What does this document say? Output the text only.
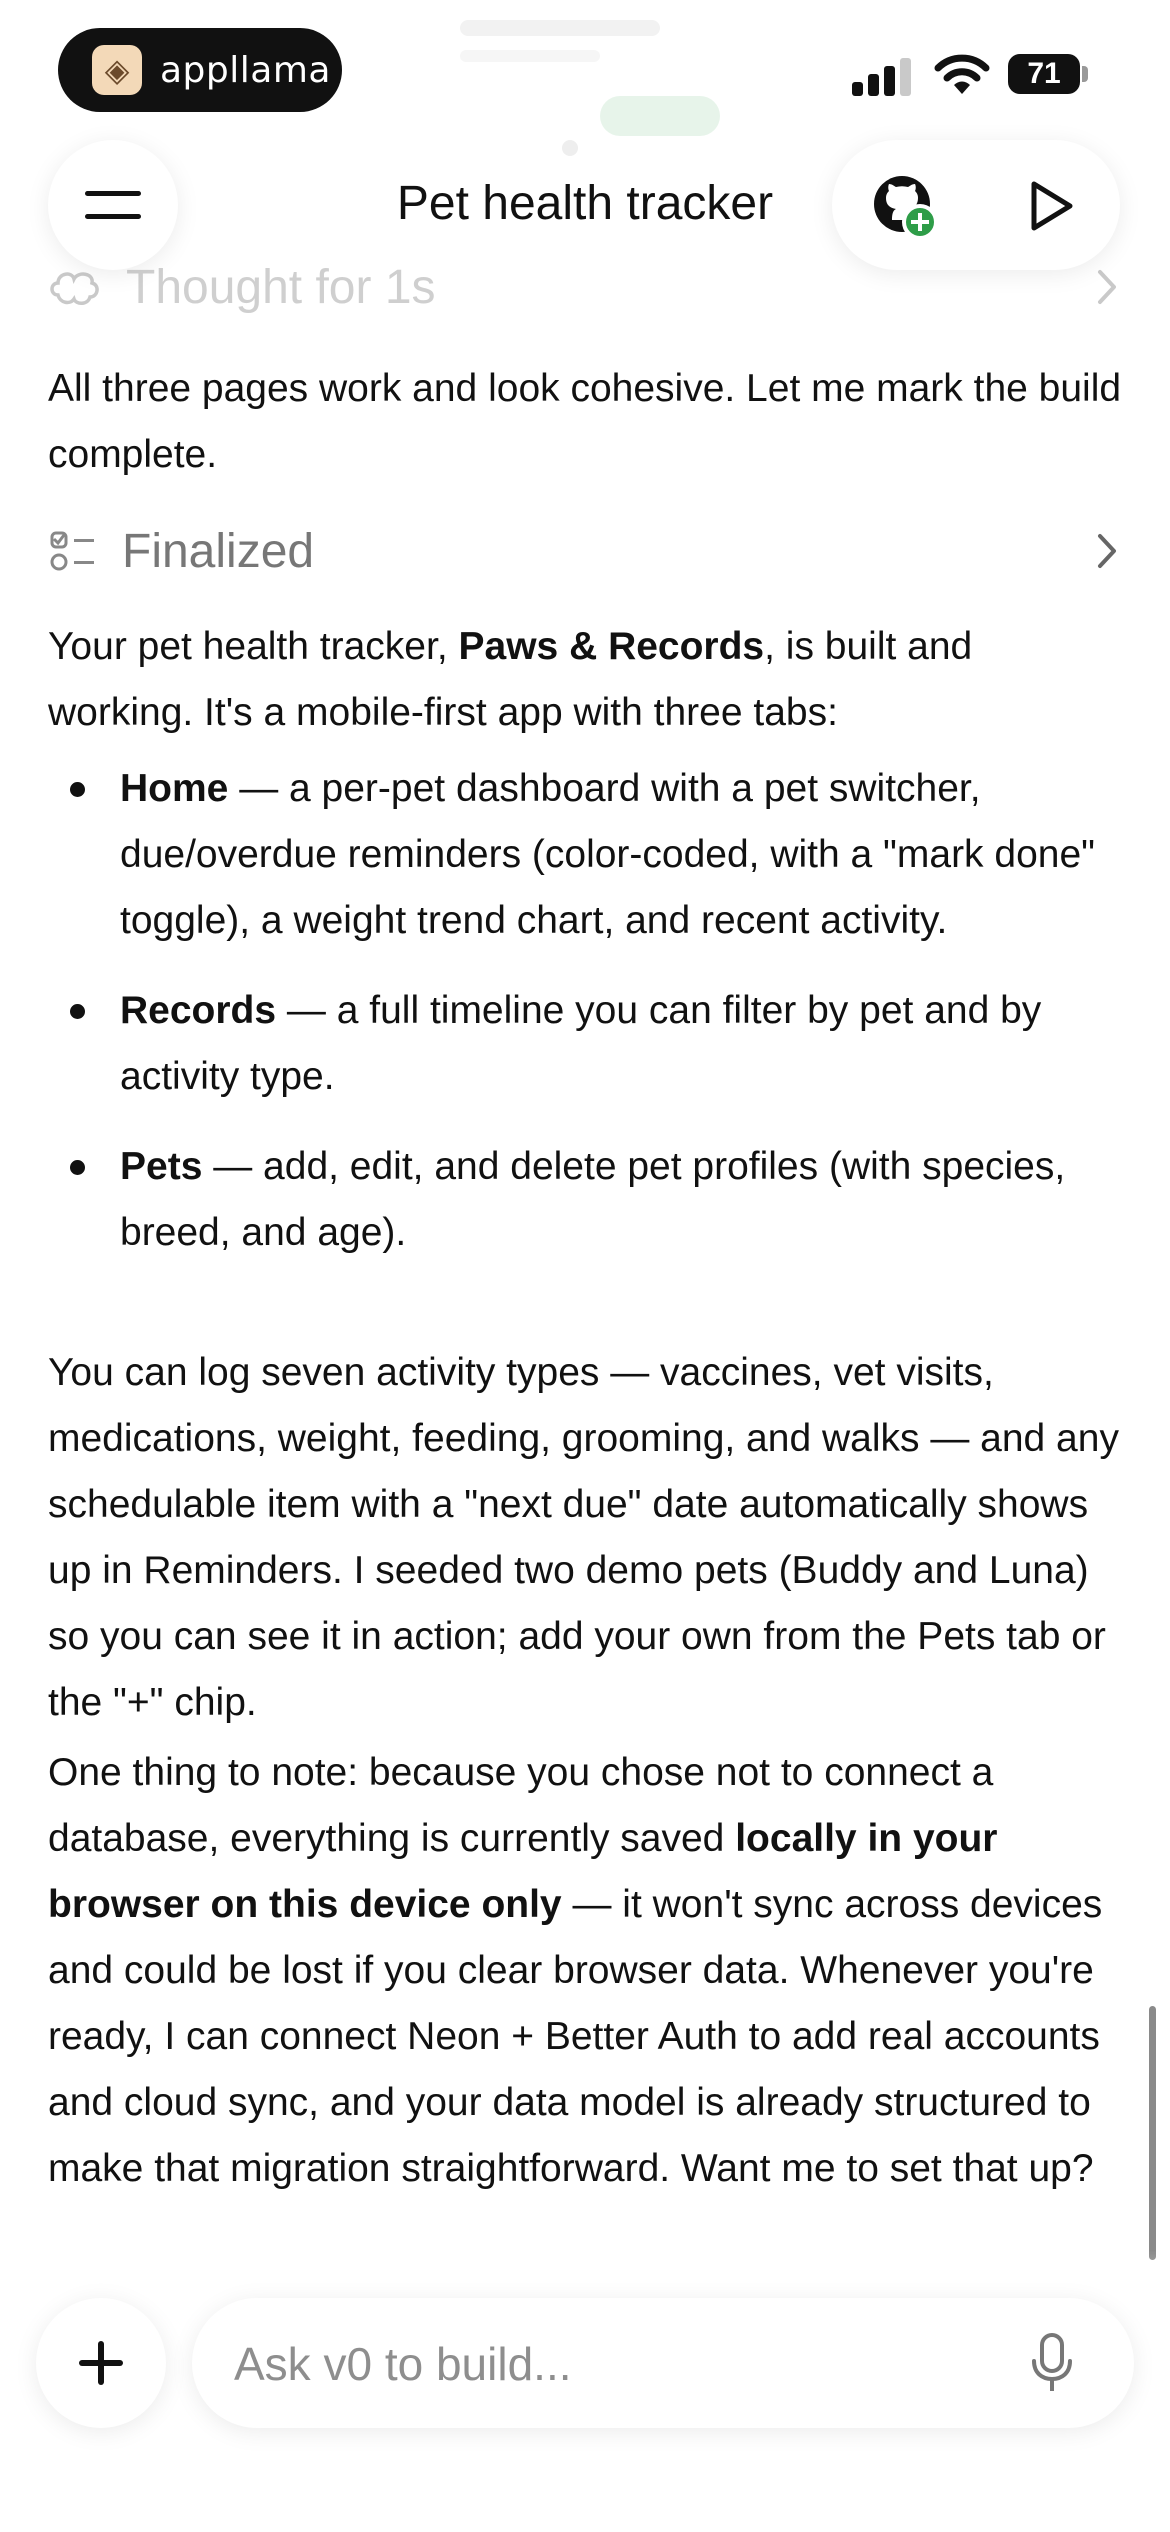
◈ appllama	71
Pet health tracker
Thought for 1s

All three pages work and look cohesive. Let me mark the build complete.

Finalized

Your pet health tracker, Paws & Records, is built and working. It's a mobile-first app with three tabs:

Home — a per-pet dashboard with a pet switcher, due/overdue reminders (color-coded, with a "mark done" toggle), a weight trend chart, and recent activity.
Records — a full timeline you can filter by pet and by activity type.
Pets — add, edit, and delete pet profiles (with species, breed, and age).

You can log seven activity types — vaccines, vet visits, medications, weight, feeding, grooming, and walks — and any schedulable item with a "next due" date automatically shows up in Reminders. I seeded two demo pets (Buddy and Luna) so you can see it in action; add your own from the Pets tab or the "+" chip.

One thing to note: because you chose not to connect a database, everything is currently saved locally in your browser on this device only — it won't sync across devices and could be lost if you clear browser data. Whenever you're ready, I can connect Neon + Better Auth to add real accounts and cloud sync, and your data model is already structured to make that migration straightforward. Want me to set that up?

Ask v0 to build...
